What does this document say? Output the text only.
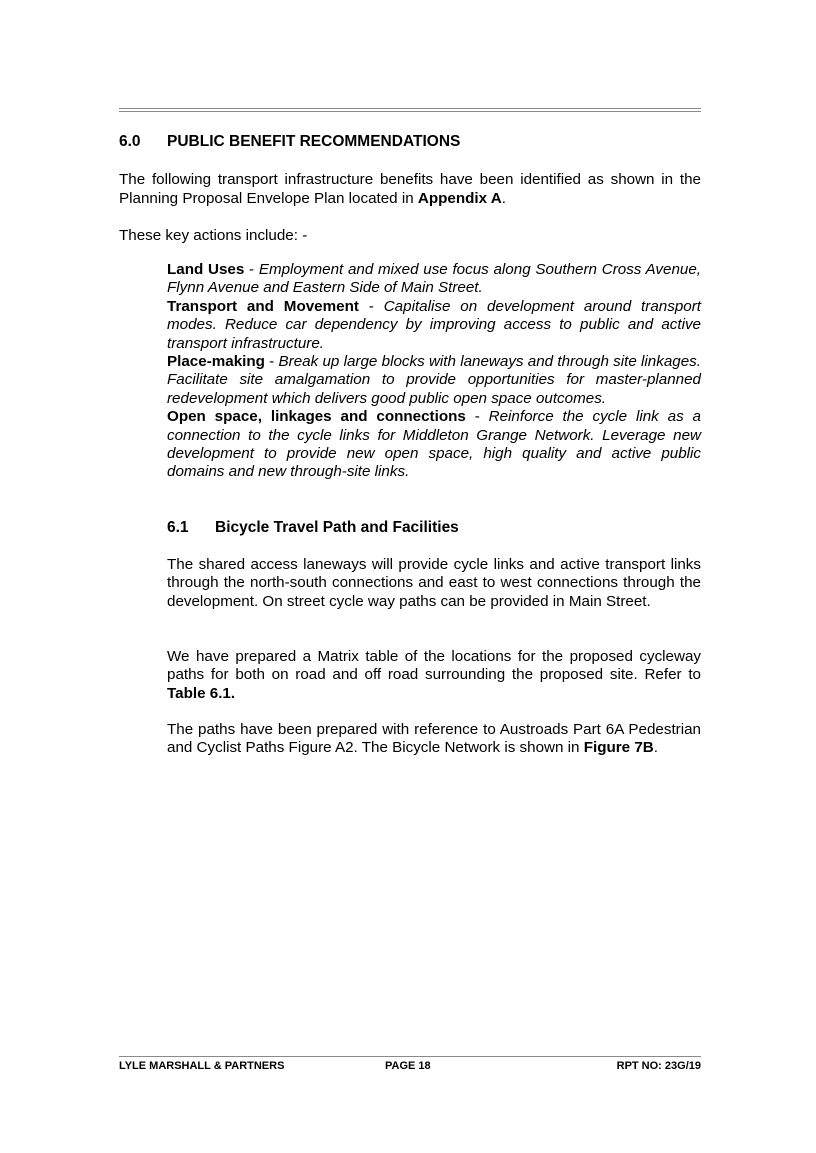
6.0 PUBLIC BENEFIT RECOMMENDATIONS

The following transport infrastructure benefits have been identified as shown in the Planning Proposal Envelope Plan located in Appendix A.

These key actions include: -

Land Uses - Employment and mixed use focus along Southern Cross Avenue, Flynn Avenue and Eastern Side of Main Street.

Transport and Movement - Capitalise on development around transport modes. Reduce car dependency by improving access to public and active transport infrastructure.

Place-making - Break up large blocks with laneways and through site linkages. Facilitate site amalgamation to provide opportunities for master-planned redevelopment which delivers good public open space outcomes.

Open space, linkages and connections - Reinforce the cycle link as a connection to the cycle links for Middleton Grange Network. Leverage new development to provide new open space, high quality and active public domains and new through-site links.

6.1 Bicycle Travel Path and Facilities

The shared access laneways will provide cycle links and active transport links through the north-south connections and east to west connections through the development. On street cycle way paths can be provided in Main Street.

We have prepared a Matrix table of the locations for the proposed cycleway paths for both on road and off road surrounding the proposed site. Refer to Table 6.1.

The paths have been prepared with reference to Austroads Part 6A Pedestrian and Cyclist Paths Figure A2. The Bicycle Network is shown in Figure 7B.

LYLE MARSHALL & PARTNERS	PAGE 18	RPT NO: 23G/19
